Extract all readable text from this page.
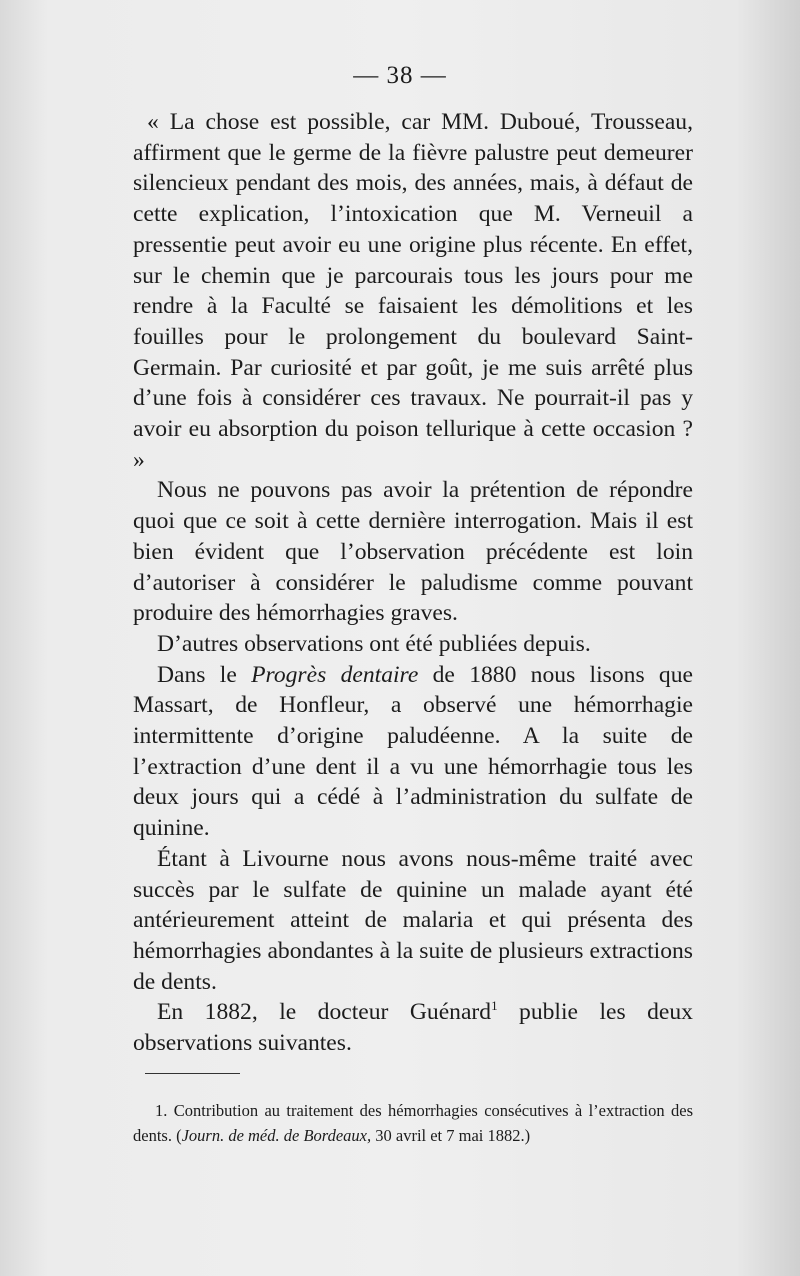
— 38 —

« La chose est possible, car MM. Duboué, Trousseau, affirment que le germe de la fièvre palustre peut demeurer silencieux pendant des mois, des années, mais, à défaut de cette explication, l’intoxication que M. Verneuil a pressentie peut avoir eu une origine plus récente. En effet, sur le chemin que je parcourais tous les jours pour me rendre à la Faculté se faisaient les démolitions et les fouilles pour le prolongement du boulevard Saint-Germain. Par curiosité et par goût, je me suis arrêté plus d’une fois à considérer ces travaux. Ne pourrait-il pas y avoir eu absorption du poison tellurique à cette occasion ? »

Nous ne pouvons pas avoir la prétention de répondre quoi que ce soit à cette dernière interrogation. Mais il est bien évident que l’observation précédente est loin d’autoriser à considérer le paludisme comme pouvant produire des hémorrhagies graves.

D’autres observations ont été publiées depuis.

Dans le Progrès dentaire de 1880 nous lisons que Massart, de Honfleur, a observé une hémorrhagie intermittente d’origine paludéenne. A la suite de l’extraction d’une dent il a vu une hémorrhagie tous les deux jours qui a cédé à l’administration du sulfate de quinine.

Étant à Livourne nous avons nous-même traité avec succès par le sulfate de quinine un malade ayant été antérieurement atteint de malaria et qui présenta des hémorrhagies abondantes à la suite de plusieurs extractions de dents.

En 1882, le docteur Guénard$^1$ publie les deux observations suivantes.

1. Contribution au traitement des hémorrhagies consécutives à l’extraction des dents. (Journ. de méd. de Bordeaux, 30 avril et 7 mai 1882.)
